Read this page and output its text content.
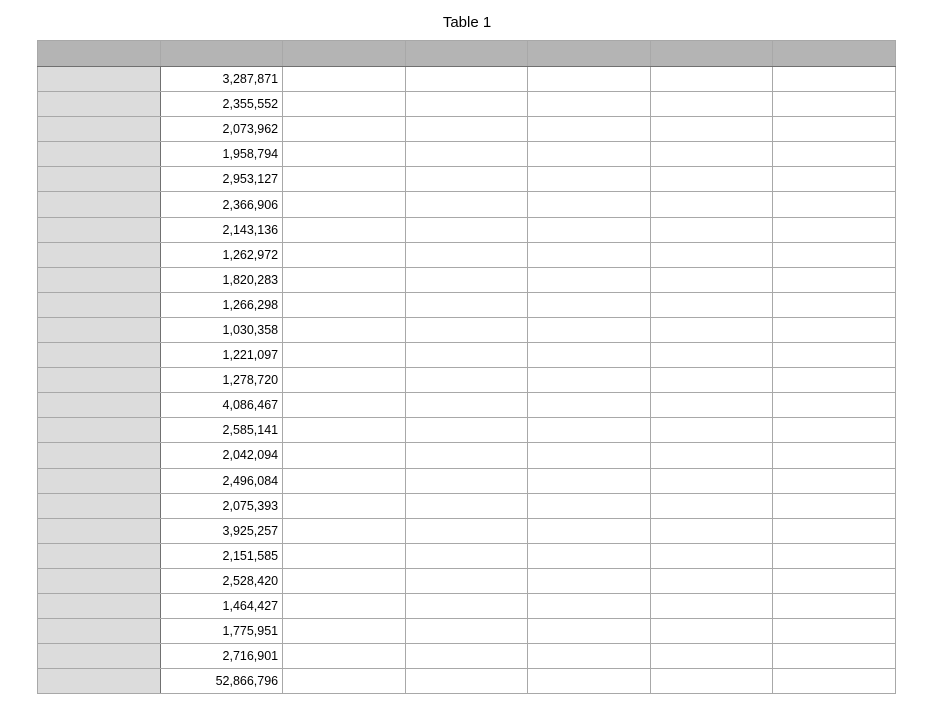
Table 1

	3,287,871					
	2,355,552					
	2,073,962					
	1,958,794					
	2,953,127					
	2,366,906					
	2,143,136					
	1,262,972					
	1,820,283					
	1,266,298					
	1,030,358					
	1,221,097					
	1,278,720					
	4,086,467					
	2,585,141					
	2,042,094					
	2,496,084					
	2,075,393					
	3,925,257					
	2,151,585					
	2,528,420					
	1,464,427					
	1,775,951					
	2,716,901					
	52,866,796					
